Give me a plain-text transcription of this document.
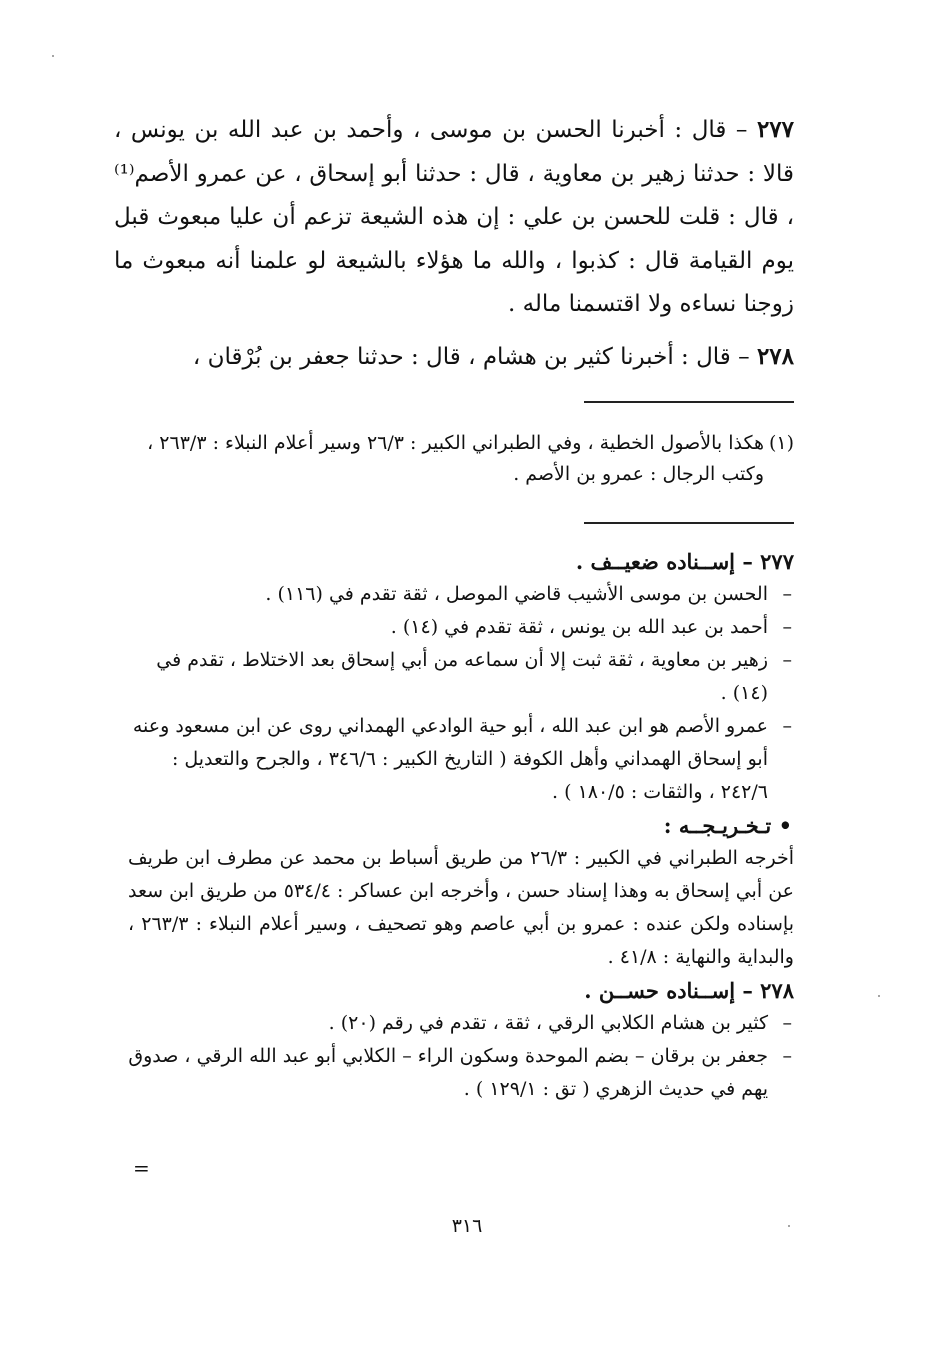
٢٧٧ – قال : أخبرنا الحسن بن موسى ، وأحمد بن عبد الله بن يونس ، قالا : حدثنا زهير بن معاوية ، قال : حدثنا أبو إسحاق ، عن عمرو الأصم⁽¹⁾ ، قال : قلت للحسن بن علي : إن هذه الشيعة تزعم أن عليا مبعوث قبل يوم القيامة قال : كذبوا ، والله ما هؤلاء بالشيعة لو علمنا أنه مبعوث ما زوجنا نساءه ولا اقتسمنا ماله .

٢٧٨ – قال : أخبرنا كثير بن هشام ، قال : حدثنا جعفر بن بُرْقان ،

(١)
هكذا بالأصول الخطية ، وفي الطبراني الكبير : ٢٦/٣ وسير أعلام النبلاء : ٢٦٣/٣ ، وكتب الرجال : عمرو بن الأصم .

٢٧٧ – إســناده ضعيــف .

– الحسن بن موسى الأشيب قاضي الموصل ، ثقة تقدم في (١١٦) .
– أحمد بن عبد الله بن يونس ، ثقة تقدم في (١٤) .
– زهير بن معاوية ، ثقة ثبت إلا أن سماعه من أبي إسحاق بعد الاختلاط ، تقدم في (١٤) .
– عمرو الأصم هو ابن عبد الله ، أبو حية الوادعي الهمداني روى عن ابن مسعود وعنه أبو إسحاق الهمداني وأهل الكوفة ( التاريخ الكبير : ٣٤٦/٦ ، والجرح والتعديل : ٢٤٢/٦ ، والثقات : ١٨٠/٥ ) .

• تـخـريـجــه :

أخرجه الطبراني في الكبير : ٢٦/٣ من طريق أسباط بن محمد عن مطرف ابن طريف عن أبي إسحاق به وهذا إسناد حسن ، وأخرجه ابن عساكر : ٥٣٤/٤ من طريق ابن سعد بإسناده ولكن عنده : عمرو بن أبي عاصم وهو تصحيف ، وسير أعلام النبلاء : ٢٦٣/٣ ، والبداية والنهاية : ٤١/٨ .

٢٧٨ – إســناده حســن .

– كثير بن هشام الكلابي الرقي ، ثقة ، تقدم في رقم (٢٠) .
– جعفر بن برقان – بضم الموحدة وسكون الراء – الكلابي أبو عبد الله الرقي ، صدوق يهم في حديث الزهري ( تق : ١٢٩/١ ) .
=
٣١٦
